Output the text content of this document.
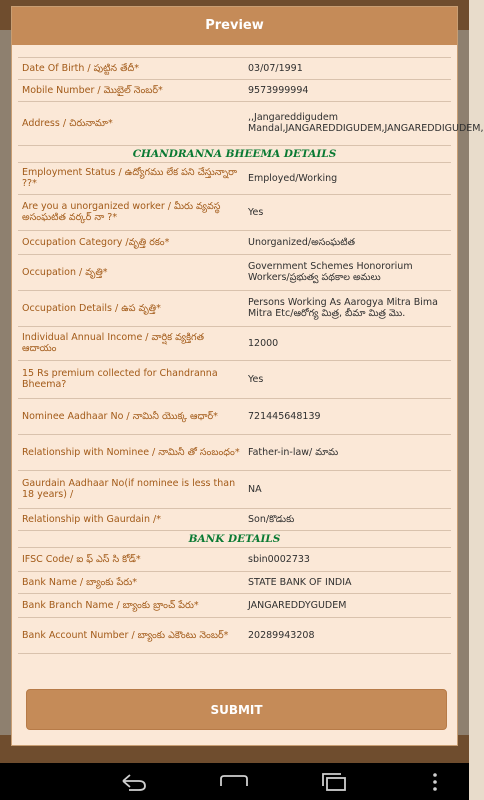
Preview

Date Of Birth / పుట్టిన తేదీ*	03/07/1991
Mobile Number / మొబైల్ నెంబర్*	9573999994
Address / చిరునామా*	,,Jangareddigudem Mandal,JANGAREDDIGUDEM,JANGAREDDIGUDEM,
CHANDRANNA BHEEMA DETAILS	
Employment Status / ఉద్యోగము లేక పని చేస్తున్నారా ??*	Employed/Working
Are you a unorganized worker / మీరు వ్యవస్థ అసంఘటిత వర్కర్ నా ?*	Yes
Occupation Category /వృత్తి రకం*	Unorganized/అసంఘటిత
Occupation / వృత్తి*	Government Schemes Honororium Workers/ప్రభుత్వ పథకాల అమలు
Occupation Details / ఉప వృత్తి*	Persons Working As Aarogya Mitra Bima Mitra Etc/ఆరోగ్య మిత్ర, బీమా మిత్ర మొ.
Individual Annual Income / వార్షిక వ్యక్తిగత ఆదాయం	12000
15 Rs premium collected for Chandranna Bheema?	Yes
Nominee Aadhaar No / నామినీ యొక్క ఆధార్*	721445648139
Relationship with Nominee / నామినీ తో సంబంధం*	Father-in-law/ మామ
Gaurdain Aadhaar No(if nominee is less than 18 years) /	NA
Relationship with Gaurdain /*	Son/కొడుకు
BANK DETAILS	
IFSC Code/ ఐ ఫ్ ఎస్ సి కోడ్*	sbin0002733
Bank Name / బ్యాంకు పేరు*	STATE BANK OF INDIA
Bank Branch Name / బ్యాంకు బ్రాంచ్ పేరు*	JANGAREDDYGUDEM
Bank Account Number / బ్యాంకు ఎకౌంటు నెంబర్*	20289943208
SUBMIT
